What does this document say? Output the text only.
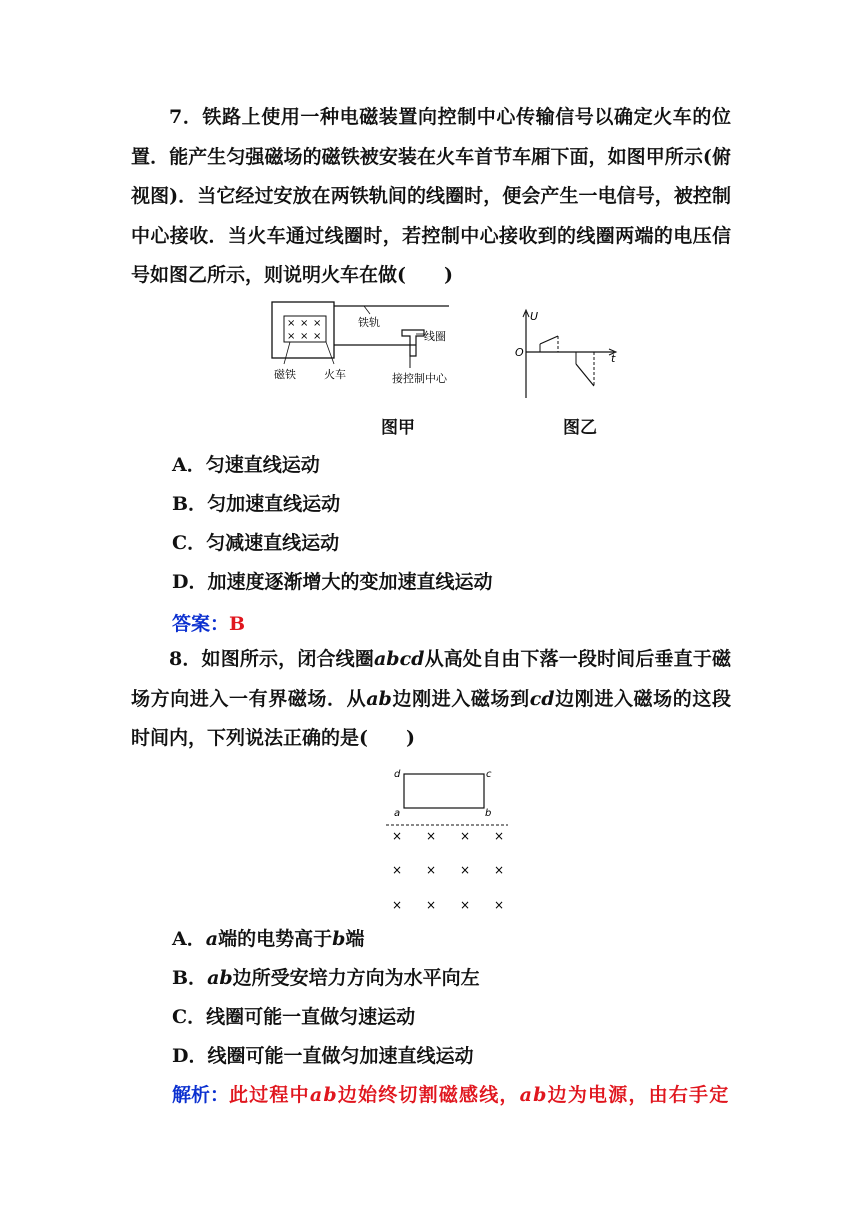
7．铁路上使用一种电磁装置向控制中心传输信号以确定火车的位置．能产生匀强磁场的磁铁被安装在火车首节车厢下面，如图甲所示(俯视图)．当它经过安放在两铁轨间的线圈时，便会产生一电信号，被控制中心接收．当火车通过线圈时，若控制中心接收到的线圈两端的电压信号如图乙所示，则说明火车在做(　　)
× × ×
× × ×
铁轨
线圈
磁铁	火车	接控制中心
U
O	t
图甲	图乙
A．匀速直线运动
B．匀加速直线运动
C．匀减速直线运动
D．加速度逐渐增大的变加速直线运动
答案：B
8．如图所示，闭合线圈abcd从高处自由下落一段时间后垂直于磁场方向进入一有界磁场．从ab边刚进入磁场到cd边刚进入磁场的这段时间内，下列说法正确的是(　　)
d	c
a	b
× × × ×
× × × ×
× × × ×
A．a端的电势高于b端
B．ab边所受安培力方向为水平向左
C．线圈可能一直做匀速运动
D．线圈可能一直做匀加速直线运动
解析：此过程中ab边始终切割磁感线，ab边为电源，由右手定
